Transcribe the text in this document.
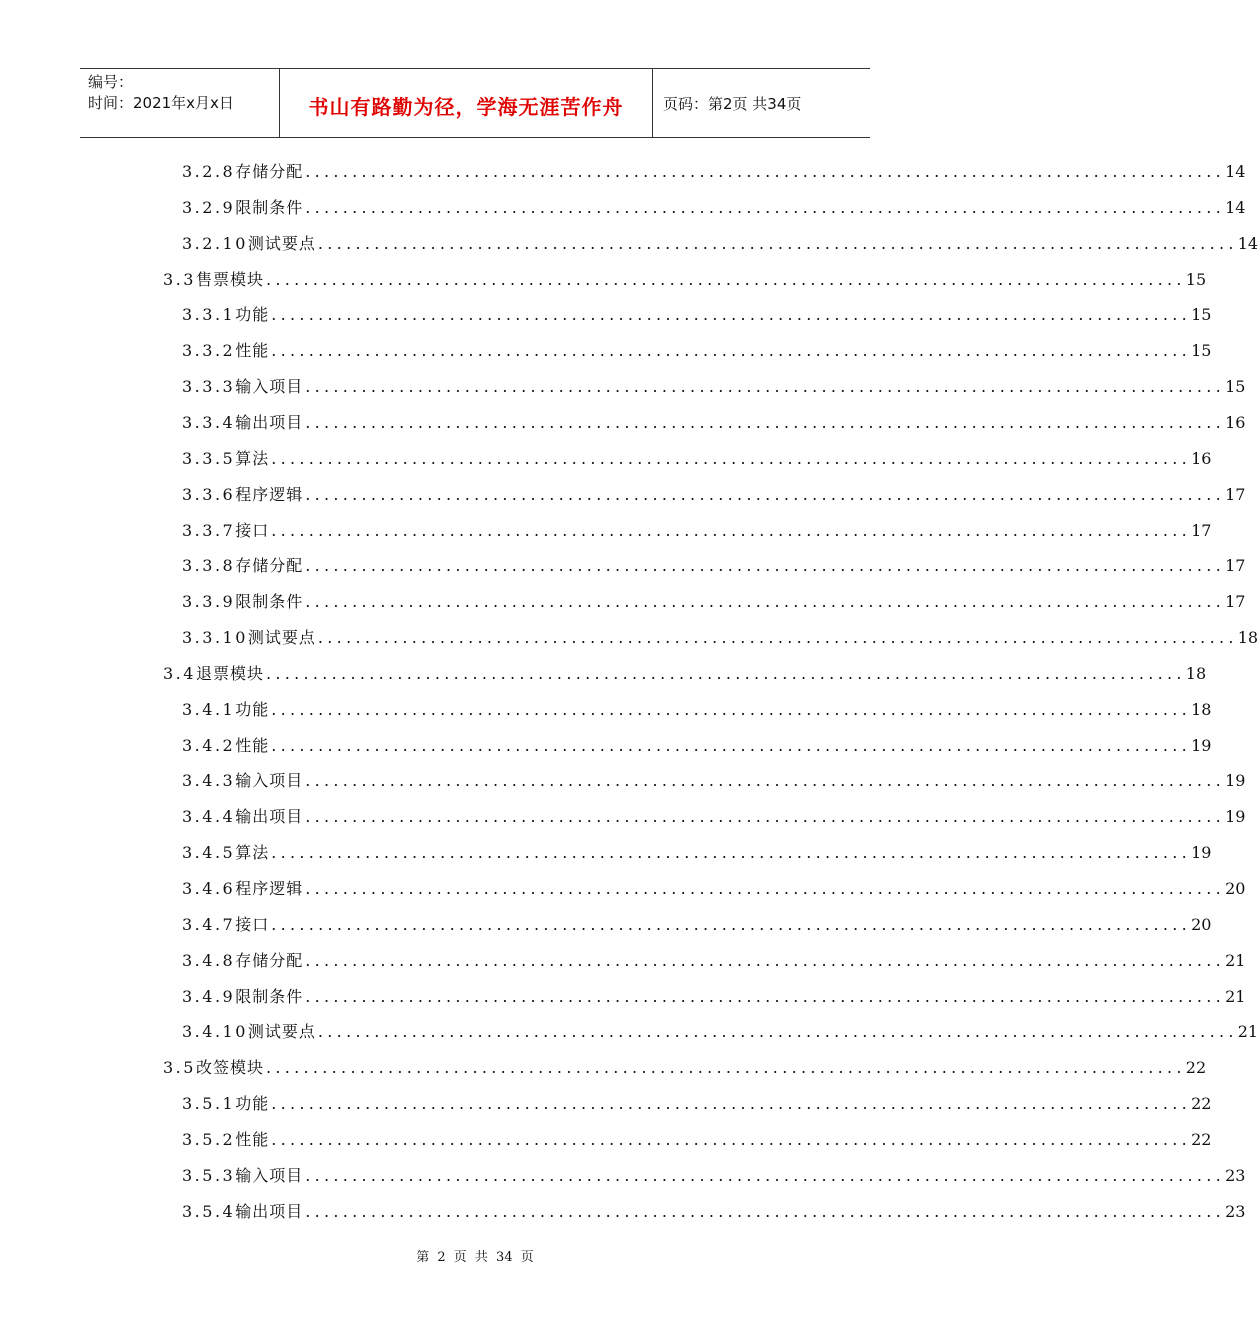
编号：
时间：2021年x月x日	书山有路勤为径，学海无涯苦作舟	页码：第2页 共34页
3.2.8 存储分配 .................................................................................................. 14
3.2.9 限制条件 .................................................................................................. 14
3.2.10 测试要点 .................................................................................................. 14
3.3 售票模块 .................................................................................................. 15
3.3.1 功能 .................................................................................................. 15
3.3.2 性能 .................................................................................................. 15
3.3.3 输入项目 .................................................................................................. 15
3.3.4 输出项目 .................................................................................................. 16
3.3.5 算法 .................................................................................................. 16
3.3.6 程序逻辑 .................................................................................................. 17
3.3.7 接口 .................................................................................................. 17
3.3.8 存储分配 .................................................................................................. 17
3.3.9 限制条件 .................................................................................................. 17
3.3.10 测试要点 .................................................................................................. 18
3.4 退票模块 .................................................................................................. 18
3.4.1 功能 .................................................................................................. 18
3.4.2 性能 .................................................................................................. 19
3.4.3 输入项目 .................................................................................................. 19
3.4.4 输出项目 .................................................................................................. 19
3.4.5 算法 .................................................................................................. 19
3.4.6 程序逻辑 .................................................................................................. 20
3.4.7 接口 .................................................................................................. 20
3.4.8 存储分配 .................................................................................................. 21
3.4.9 限制条件 .................................................................................................. 21
3.4.10 测试要点 .................................................................................................. 21
3.5 改签模块 .................................................................................................. 22
3.5.1 功能 .................................................................................................. 22
3.5.2 性能 .................................................................................................. 22
3.5.3 输入项目 .................................................................................................. 23
3.5.4 输出项目 .................................................................................................. 23
第 2 页 共 34 页
